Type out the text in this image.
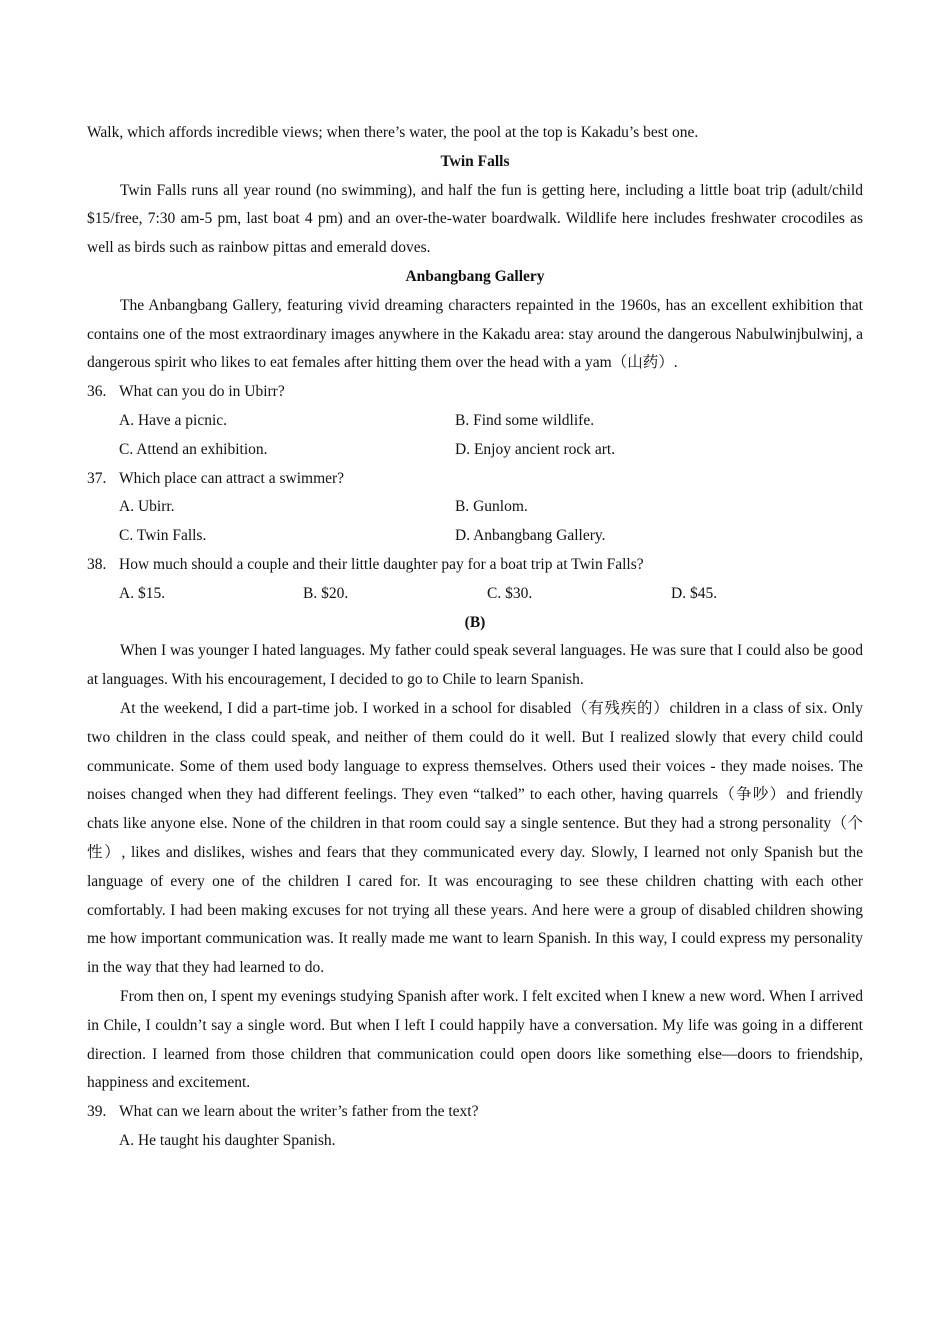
Walk, which affords incredible views; when there’s water, the pool at the top is Kakadu’s best one.

Twin Falls

Twin Falls runs all year round (no swimming), and half the fun is getting here, including a little boat trip (adult/child $15/free, 7:30 am-5 pm, last boat 4 pm) and an over-the-water boardwalk. Wildlife here includes freshwater crocodiles as well as birds such as rainbow pittas and emerald doves.

Anbangbang Gallery

The Anbangbang Gallery, featuring vivid dreaming characters repainted in the 1960s, has an excellent exhibition that contains one of the most extraordinary images anywhere in the Kakadu area: stay around the dangerous Nabulwinjbulwinj, a dangerous spirit who likes to eat females after hitting them over the head with a yam（山药）.

36. What can you do in Ubirr?

A. Have a picnic.	B. Find some wildlife.

C. Attend an exhibition.	D. Enjoy ancient rock art.

37. Which place can attract a swimmer?

A. Ubirr.	B. Gunlom.

C. Twin Falls.	D. Anbangbang Gallery.

38. How much should a couple and their little daughter pay for a boat trip at Twin Falls?

A. $15.	B. $20.	C. $30.	D. $45.

(B)

When I was younger I hated languages. My father could speak several languages. He was sure that I could also be good at languages. With his encouragement, I decided to go to Chile to learn Spanish.

At the weekend, I did a part-time job. I worked in a school for disabled（有残疾的）children in a class of six. Only two children in the class could speak, and neither of them could do it well. But I realized slowly that every child could communicate. Some of them used body language to express themselves. Others used their voices - they made noises. The noises changed when they had different feelings. They even “talked” to each other, having quarrels（争吵）and friendly chats like anyone else. None of the children in that room could say a single sentence. But they had a strong personality（个性）, likes and dislikes, wishes and fears that they communicated every day. Slowly, I learned not only Spanish but the language of every one of the children I cared for. It was encouraging to see these children chatting with each other comfortably. I had been making excuses for not trying all these years. And here were a group of disabled children showing me how important communication was. It really made me want to learn Spanish. In this way, I could express my personality in the way that they had learned to do.

From then on, I spent my evenings studying Spanish after work. I felt excited when I knew a new word. When I arrived in Chile, I couldn’t say a single word. But when I left I could happily have a conversation. My life was going in a different direction. I learned from those children that communication could open doors like something else—doors to friendship, happiness and excitement.

39. What can we learn about the writer’s father from the text?

A. He taught his daughter Spanish.
